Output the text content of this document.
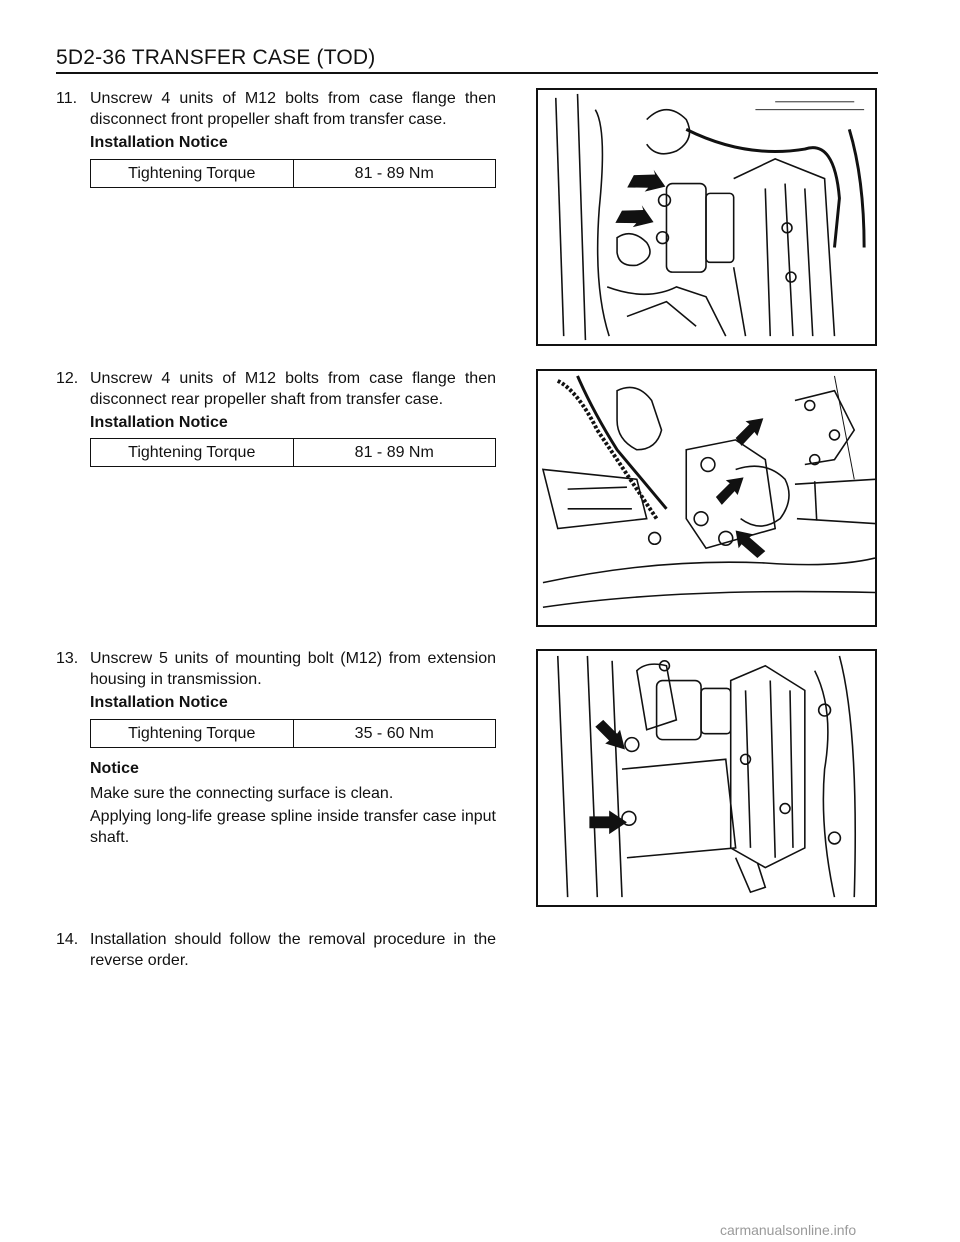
5D2-36 TRANSFER CASE (TOD)
11. Unscrew 4 units of M12 bolts from case flange then disconnect front propeller shaft from transfer case.
Installation Notice
Tightening Torque	81 - 89 Nm
12. Unscrew 4 units of M12 bolts from case flange then disconnect rear propeller shaft from transfer case.
Installation Notice
Tightening Torque	81 - 89 Nm
13. Unscrew 5 units of mounting bolt (M12) from extension housing in transmission.
Installation Notice
Tightening Torque	35 - 60 Nm
Notice
Make sure the connecting surface is clean.
Applying long-life grease spline inside transfer case input shaft.
14. Installation should follow the removal procedure in the reverse order.
carmanualsonline.info
